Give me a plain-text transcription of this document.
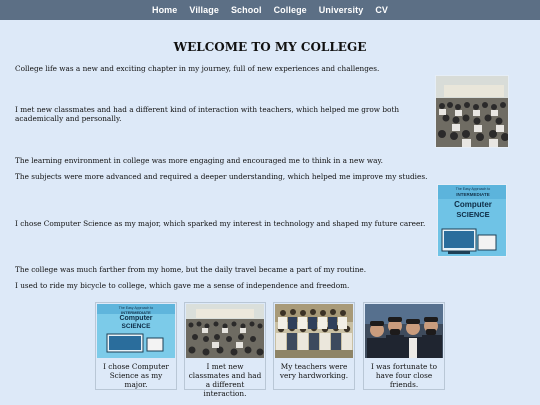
Home Village School College University CV
WELCOME TO MY COLLEGE

College life was a new and exciting chapter in my journey, full of new experiences and challenges.

I met new classmates and had a different kind of interaction with teachers, which helped me grow both academically and personally.

The learning environment in college was more engaging and encouraged me to think in a new way.

The subjects were more advanced and required a deeper understanding, which helped me improve my studies.

I chose Computer Science as my major, which sparked my interest in technology and shaped my future career.

The college was much farther from my home, but the daily travel became a part of my routine.

I used to ride my bicycle to college, which gave me a sense of independence and freedom.

The Easy Approach to
INTERMEDIATE
Computer
SCIENCE
The Easy Approach to
INTERMEDIATE
Computer
SCIENCE
I chose Computer Science as my major.
I met new classmates and had a different interaction.
My teachers were very hardworking.
I was fortunate to have four close friends.
